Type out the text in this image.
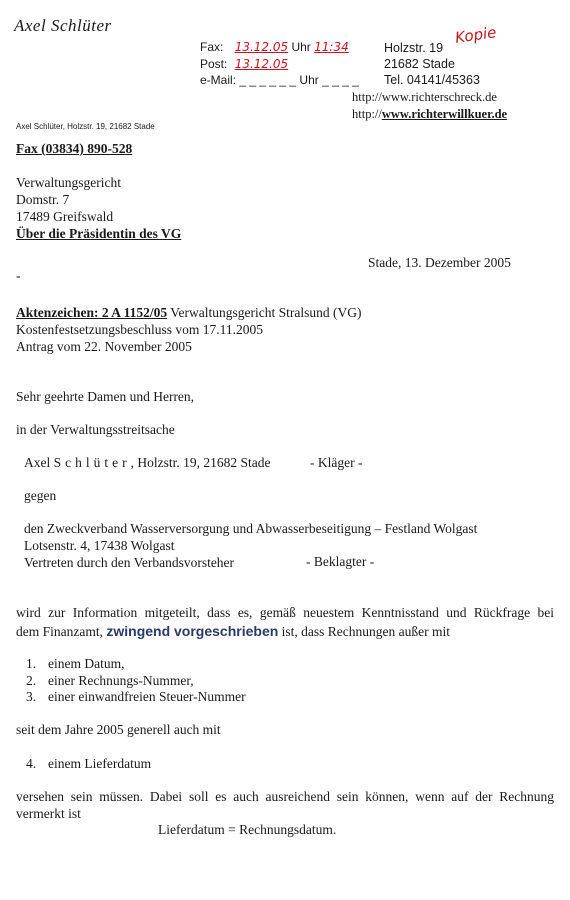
Axel Schlüter
Fax: 13.12.05 Uhr 11:34
Post: 13.12.05
e-Mail: _ _ _ _ _ _ Uhr _ _ _ _
Kopie
Holzstr. 19
21682 Stade
Tel. 04141/45363
http://www.richterschreck.de
http://www.richterwillkuer.de
Axel Schlüter, Holzstr. 19, 21682 Stade
Fax (03834) 890-528
Verwaltungsgericht
Domstr. 7
17489 Greifswald
Über die Präsidentin des VG
Stade, 13. Dezember 2005
-
Aktenzeichen: 2 A 1152/05 Verwaltungsgericht Stralsund (VG)
Kostenfestsetzungsbeschluss vom 17.11.2005
Antrag vom 22. November 2005
Sehr geehrte Damen und Herren,
in der Verwaltungsstreitsache
Axel Schlüter, Holzstr. 19, 21682 Stade	- Kläger -
gegen
den Zweckverband Wasserversorgung und Abwasserbeseitigung – Festland Wolgast
Lotsenstr. 4, 17438 Wolgast
Vertreten durch den Verbandsvorsteher	- Beklagter -
wird zur Information mitgeteilt, dass es, gemäß neuestem Kenntnisstand und Rückfrage bei
dem Finanzamt, zwingend vorgeschrieben ist, dass Rechnungen außer mit
1. einem Datum,
2. einer Rechnungs-Nummer,
3. einer einwandfreien Steuer-Nummer
seit dem Jahre 2005 generell auch mit
4. einem Lieferdatum
versehen sein müssen. Dabei soll es auch ausreichend sein können, wenn auf der Rechnung
vermerkt ist
Lieferdatum = Rechnungsdatum.
